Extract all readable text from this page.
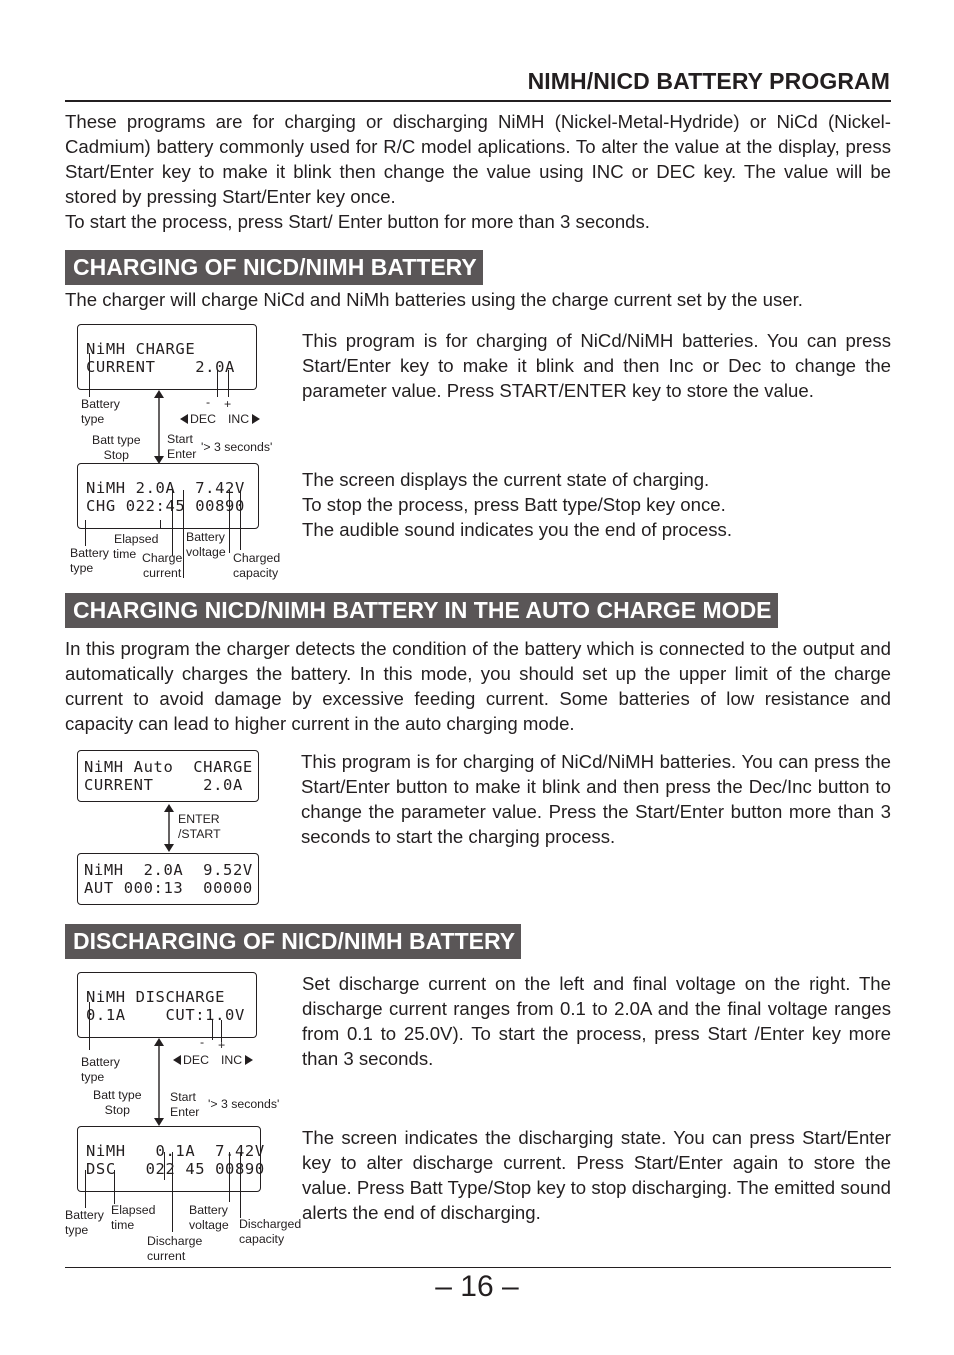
NIMH/NICD BATTERY PROGRAM

These programs are for charging or discharging NiMH (Nickel-Metal-Hydride) or NiCd (Nickel-Cadmium) battery commonly used for R/C model aplications. To alter the value at the display, press Start/Enter key to make it blink then change the value using INC or DEC key. The value will be stored by pressing Start/Enter key once.

To start the process, press Start/ Enter button for more than 3 seconds.

CHARGING OF NICD/NIMH BATTERY
The charger will charge NiCd and NiMh batteries using the charge current set by the user.
NiMH CHARGE
CURRENT    2.0A
Battery
type
- +
DEC INC
Batt type
Stop
Start
Enter '> 3 seconds'
NiMH 2.0A  7.42V
CHG 022:45 00890
Elapsed Battery
voltage
Battery
type
time Charge
current
Charged
capacity
This program is for charging of NiCd/NiMH batteries. You can press Start/Enter key to make it blink and then Inc or Dec to change the parameter value. Press START/ENTER key to store the value.

The screen displays the current state of charging.

To stop the process, press Batt type/Stop key once.

The audible sound indicates you the end of process.

CHARGING NICD/NIMH BATTERY IN THE AUTO CHARGE MODE
In this program the charger detects the condition of the battery which is connected to the output and automatically charges the battery. In this mode, you should set up the upper limit of the charge current to avoid damage by excessive feeding current. Some batteries of low resistance and capacity can lead to higher current in the auto charging mode.
NiMH Auto  CHARGE
CURRENT     2.0A
ENTER
/START
NiMH  2.0A  9.52V
AUT 000:13  00000
This program is for charging of NiCd/NiMH batteries. You can press the Start/Enter button to make it blink and then press the Dec/Inc button to change the parameter value. Press the Start/Enter button more than 3 seconds to start the charging process.
DISCHARGING OF NICD/NIMH BATTERY
NiMH DISCHARGE
0.1A    CUT:1.0V
Battery
type
- +
DEC INC
Batt type
Stop
Start
Enter
'> 3 seconds'
NiMH   0.1A  7.42V
DSC   022 45 00890
Elapsed
time
Battery
voltage
Battery
type	Discharged
capacity
Discharge
current
Set discharge current on the left and final voltage on the right. The discharge current ranges from 0.1 to 2.0A and the final voltage ranges from 0.1 to 25.0V). To start the process, press Start /Enter key more than 3 seconds.
The screen indicates the discharging state. You can press Start/Enter key to alter discharge current. Press Start/Enter again to store the value. Press Batt Type/Stop key to stop discharging. The emitted sound alerts the end of discharging.
– 16 –
